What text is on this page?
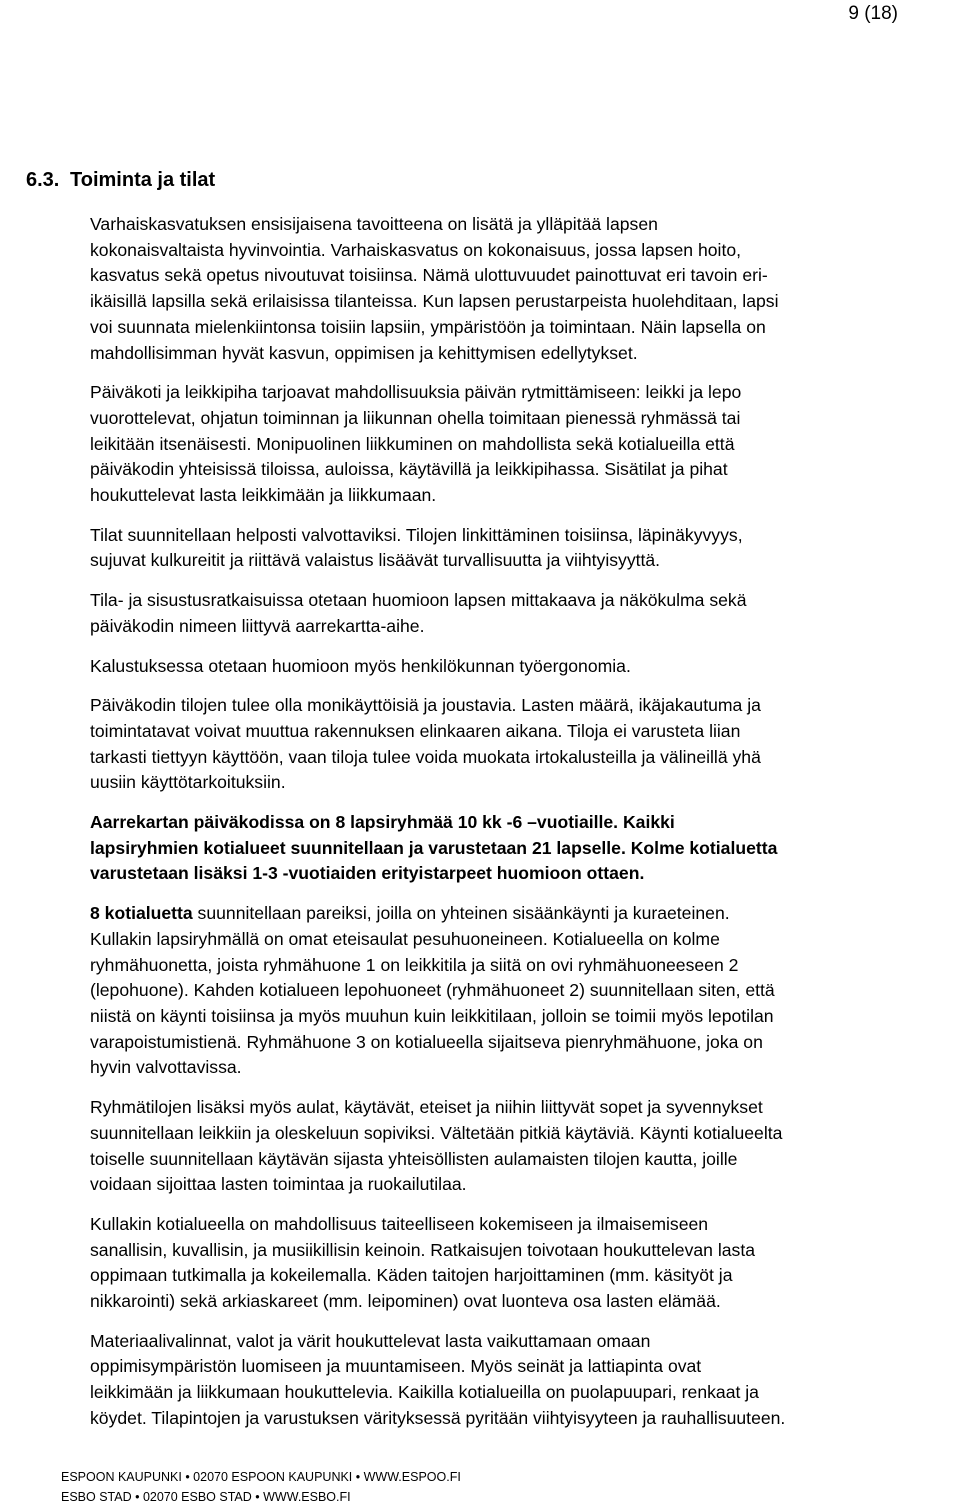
9 (18)
6.3. Toiminta ja tilat

Varhaiskasvatuksen ensisijaisena tavoitteena on lisätä ja ylläpitää lapsen
kokonaisvaltaista hyvinvointia. Varhaiskasvatus on kokonaisuus, jossa lapsen hoito,
kasvatus sekä opetus nivoutuvat toisiinsa. Nämä ulottuvuudet painottuvat eri tavoin eri-
ikäisillä lapsilla sekä erilaisissa tilanteissa. Kun lapsen perustarpeista huolehditaan, lapsi
voi suunnata mielenkiintonsa toisiin lapsiin, ympäristöön ja toimintaan. Näin lapsella on
mahdollisimman hyvät kasvun, oppimisen ja kehittymisen edellytykset.

Päiväkoti ja leikkipiha tarjoavat mahdollisuuksia päivän rytmittämiseen: leikki ja lepo
vuorottelevat, ohjatun toiminnan ja liikunnan ohella toimitaan pienessä ryhmässä tai
leikitään itsenäisesti. Monipuolinen liikkuminen on mahdollista sekä kotialueilla että
päiväkodin yhteisissä tiloissa, auloissa, käytävillä ja leikkipihassa. Sisätilat ja pihat
houkuttelevat lasta leikkimään ja liikkumaan.

Tilat suunnitellaan helposti valvottaviksi. Tilojen linkittäminen toisiinsa, läpinäkyvyys,
sujuvat kulkureitit ja riittävä valaistus lisäävät turvallisuutta ja viihtyisyyttä.

Tila- ja sisustusratkaisuissa otetaan huomioon lapsen mittakaava ja näkökulma sekä
päiväkodin nimeen liittyvä aarrekartta-aihe.

Kalustuksessa otetaan huomioon myös henkilökunnan työergonomia.

Päiväkodin tilojen tulee olla monikäyttöisiä ja joustavia. Lasten määrä, ikäjakautuma ja
toimintatavat voivat muuttua rakennuksen elinkaaren aikana. Tiloja ei varusteta liian
tarkasti tiettyyn käyttöön, vaan tiloja tulee voida muokata irtokalusteilla ja välineillä yhä
uusiin käyttötarkoituksiin.

Aarrekartan päiväkodissa on 8 lapsiryhmää 10 kk -6 –vuotiaille. Kaikki
lapsiryhmien kotialueet suunnitellaan ja varustetaan 21 lapselle. Kolme kotialuetta
varustetaan lisäksi 1-3 -vuotiaiden erityistarpeet huomioon ottaen.

8 kotialuetta suunnitellaan pareiksi, joilla on yhteinen sisäänkäynti ja kuraeteinen.
Kullakin lapsiryhmällä on omat eteisaulat pesuhuoneineen. Kotialueella on kolme
ryhmähuonetta, joista ryhmähuone 1 on leikkitila ja siitä on ovi ryhmähuoneeseen 2
(lepohuone). Kahden kotialueen lepohuoneet (ryhmähuoneet 2) suunnitellaan siten, että
niistä on käynti toisiinsa ja myös muuhun kuin leikkitilaan, jolloin se toimii myös lepotilan
varapoistumistienä. Ryhmähuone 3 on kotialueella sijaitseva pienryhmähuone, joka on
hyvin valvottavissa.

Ryhmätilojen lisäksi myös aulat, käytävät, eteiset ja niihin liittyvät sopet ja syvennykset
suunnitellaan leikkiin ja oleskeluun sopiviksi. Vältetään pitkiä käytäviä. Käynti kotialueelta
toiselle suunnitellaan käytävän sijasta yhteisöllisten aulamaisten tilojen kautta, joille
voidaan sijoittaa lasten toimintaa ja ruokailutilaa.

Kullakin kotialueella on mahdollisuus taiteelliseen kokemiseen ja ilmaisemiseen
sanallisin, kuvallisin, ja musiikillisin keinoin. Ratkaisujen toivotaan houkuttelevan lasta
oppimaan tutkimalla ja kokeilemalla. Käden taitojen harjoittaminen (mm. käsityöt ja
nikkarointi) sekä arkiaskareet (mm. leipominen) ovat luonteva osa lasten elämää.

Materiaalivalinnat, valot ja värit houkuttelevat lasta vaikuttamaan omaan
oppimisympäristön luomiseen ja muuntamiseen. Myös seinät ja lattiapinta ovat
leikkimään ja liikkumaan houkuttelevia. Kaikilla kotialueilla on puolapuupari, renkaat ja
köydet. Tilapintojen ja varustuksen värityksessä pyritään viihtyisyyteen ja rauhallisuuteen.

ESPOON KAUPUNKI • 02070 ESPOON KAUPUNKI • WWW.ESPOO.FI
ESBO STAD • 02070 ESBO STAD • WWW.ESBO.FI
